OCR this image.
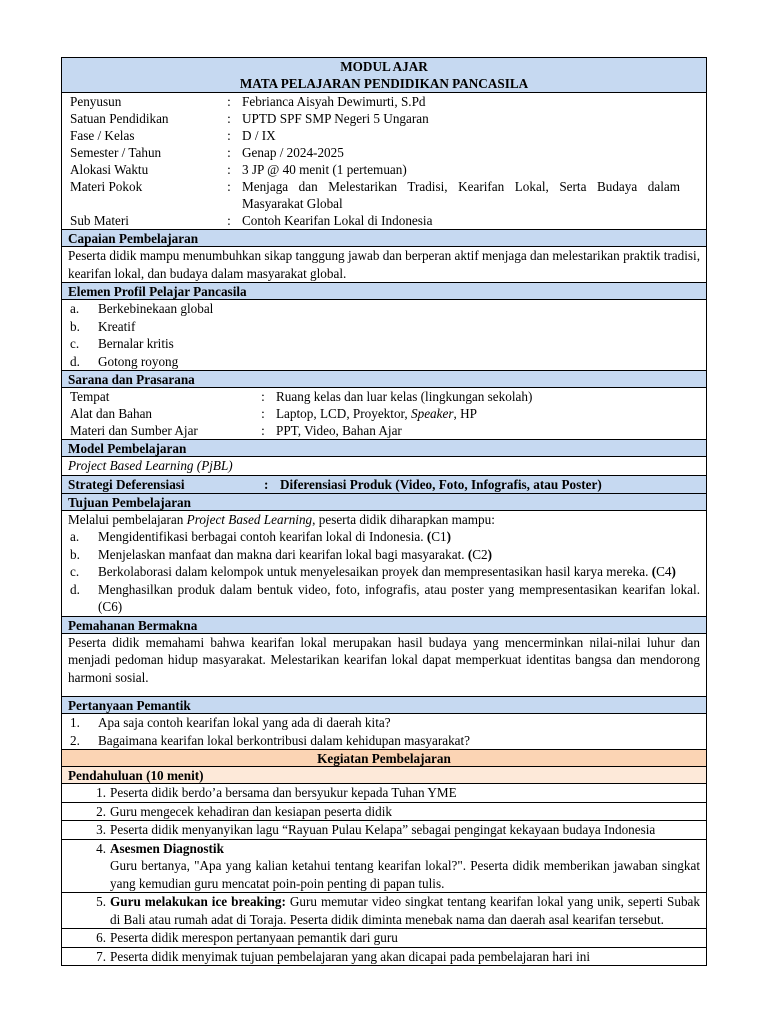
MODUL AJAR
MATA PELAJARAN PENDIDIKAN PANCASILA
Penyusun	: Febrianca Aisyah Dewimurti, S.Pd
Satuan Pendidikan	: UPTD SPF SMP Negeri 5 Ungaran
Fase / Kelas	: D / IX
Semester / Tahun	: Genap / 2024-2025
Alokasi Waktu	: 3 JP @ 40 menit (1 pertemuan)
Materi Pokok	: Menjaga dan Melestarikan Tradisi, Kearifan Lokal, Serta Budaya dalam Masyarakat Global
Sub Materi	: Contoh Kearifan Lokal di Indonesia
Capaian Pembelajaran
Peserta didik mampu menumbuhkan sikap tanggung jawab dan berperan aktif menjaga dan melestarikan praktik tradisi, kearifan lokal, dan budaya dalam masyarakat global.
Elemen Profil Pelajar Pancasila
a.	Berkebinekaan global
b.	Kreatif
c.	Bernalar kritis
d.	Gotong royong
Sarana dan Prasarana
Tempat	: Ruang kelas dan luar kelas (lingkungan sekolah)
Alat dan Bahan	: Laptop, LCD, Proyektor, Speaker, HP
Materi dan Sumber Ajar	: PPT, Video, Bahan Ajar
Model Pembelajaran
Project Based Learning (PjBL)
Strategi Deferensiasi	: Diferensiasi Produk (Video, Foto, Infografis, atau Poster)
Tujuan Pembelajaran
Melalui pembelajaran Project Based Learning, peserta didik diharapkan mampu:
a.	Mengidentifikasi berbagai contoh kearifan lokal di Indonesia. (C1)
b.	Menjelaskan manfaat dan makna dari kearifan lokal bagi masyarakat. (C2)
c.	Berkolaborasi dalam kelompok untuk menyelesaikan proyek dan mempresentasikan hasil karya mereka. (C4)
d.	Menghasilkan produk dalam bentuk video, foto, infografis, atau poster yang mempresentasikan kearifan lokal. (C6)
Pemahanan Bermakna
Peserta didik memahami bahwa kearifan lokal merupakan hasil budaya yang mencerminkan nilai-nilai luhur dan menjadi pedoman hidup masyarakat. Melestarikan kearifan lokal dapat memperkuat identitas bangsa dan mendorong harmoni sosial.
Pertanyaan Pemantik
1.	Apa saja contoh kearifan lokal yang ada di daerah kita?
2.	Bagaimana kearifan lokal berkontribusi dalam kehidupan masyarakat?
Kegiatan Pembelajaran
Pendahuluan (10 menit)
1. Peserta didik berdo’a bersama dan bersyukur kepada Tuhan YME
2. Guru mengecek kehadiran dan kesiapan peserta didik
3. Peserta didik menyanyikan lagu “Rayuan Pulau Kelapa” sebagai pengingat kekayaan budaya Indonesia
4. Asesmen Diagnostik
Guru bertanya, "Apa yang kalian ketahui tentang kearifan lokal?". Peserta didik memberikan jawaban singkat yang kemudian guru mencatat poin-poin penting di papan tulis.
5. Guru melakukan ice breaking: Guru memutar video singkat tentang kearifan lokal yang unik, seperti Subak di Bali atau rumah adat di Toraja. Peserta didik diminta menebak nama dan daerah asal kearifan tersebut.
6. Peserta didik merespon pertanyaan pemantik dari guru
7. Peserta didik menyimak tujuan pembelajaran yang akan dicapai pada pembelajaran hari ini
